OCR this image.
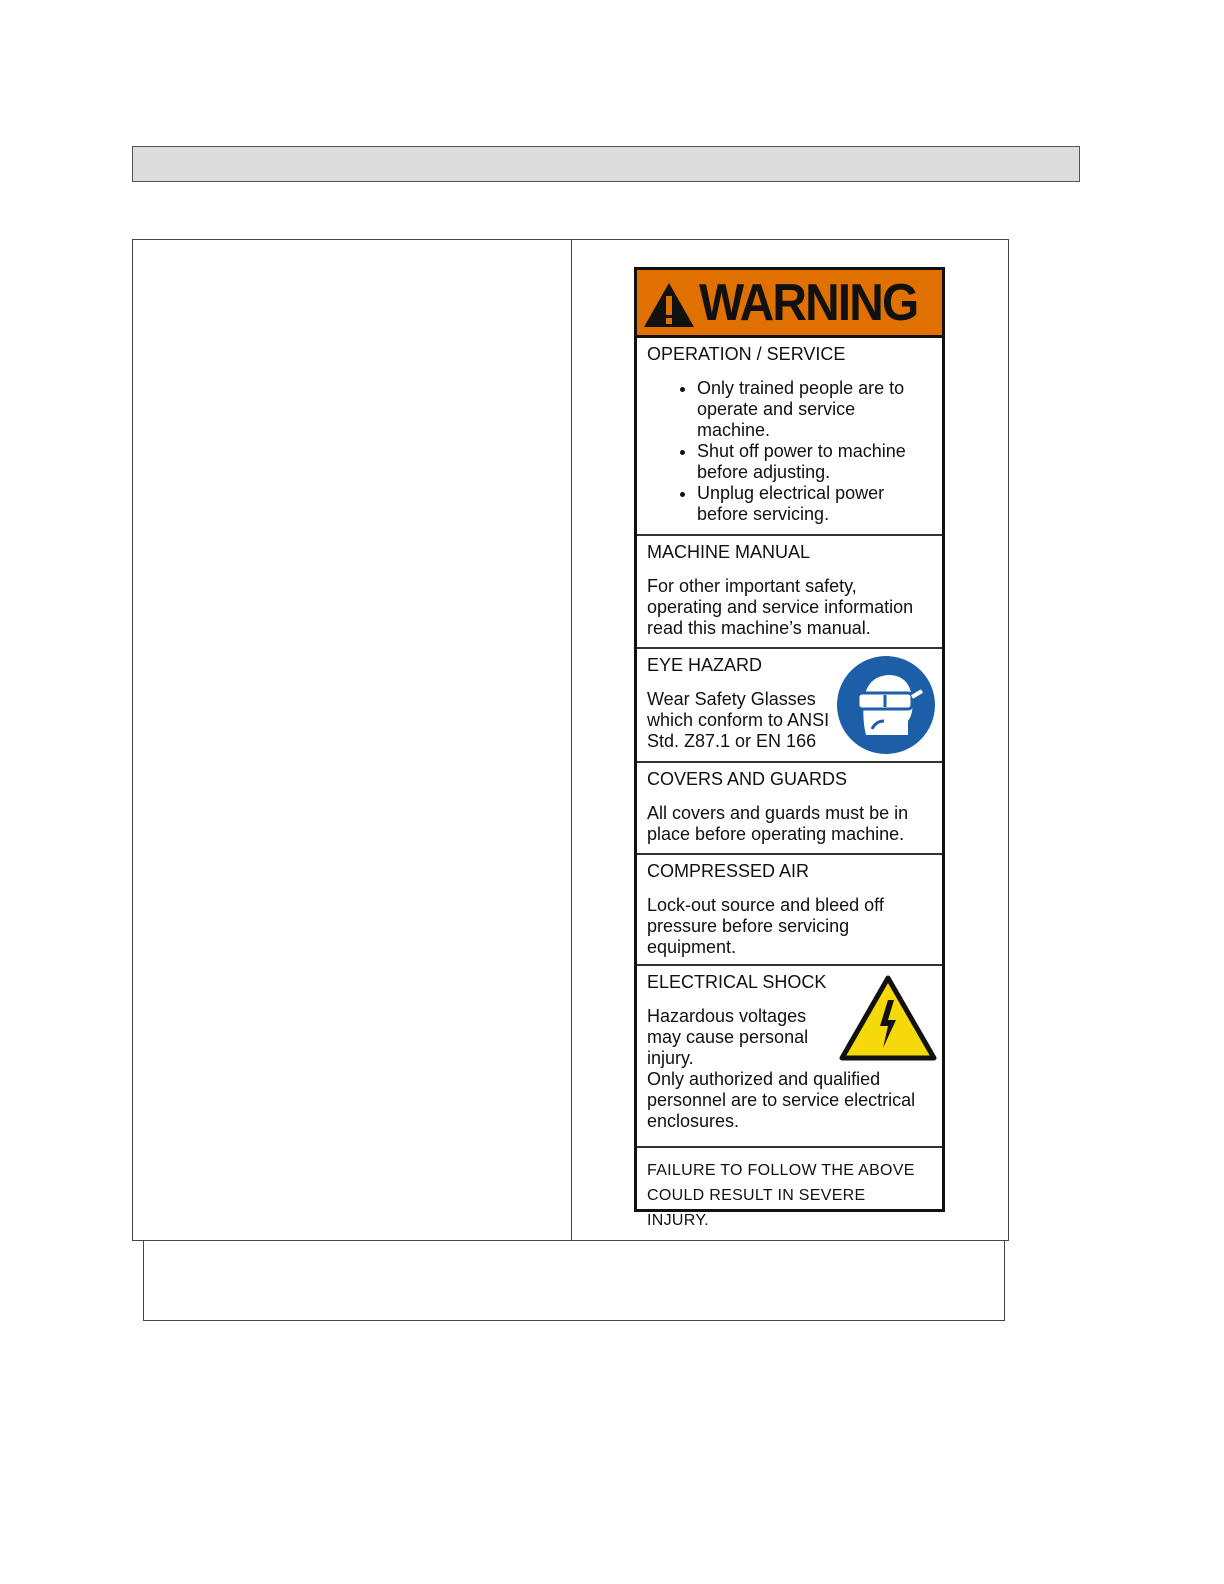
WARNING
OPERATION / SERVICE
• Only trained people are to operate and service machine.
• Shut off power to machine before adjusting.
• Unplug electrical power before servicing.
MACHINE MANUAL
For other important safety, operating and service information read this machine’s manual.
EYE HAZARD
Wear Safety Glasses which conform to ANSI Std. Z87.1 or EN 166
COVERS AND GUARDS
All covers and guards must be in place before operating machine.
COMPRESSED AIR
Lock-out source and bleed off pressure before servicing equipment.
ELECTRICAL SHOCK
Hazardous voltages may cause personal injury.
Only authorized and qualified personnel are to service electrical enclosures.
FAILURE TO FOLLOW THE ABOVE
COULD RESULT IN SEVERE INJURY.
